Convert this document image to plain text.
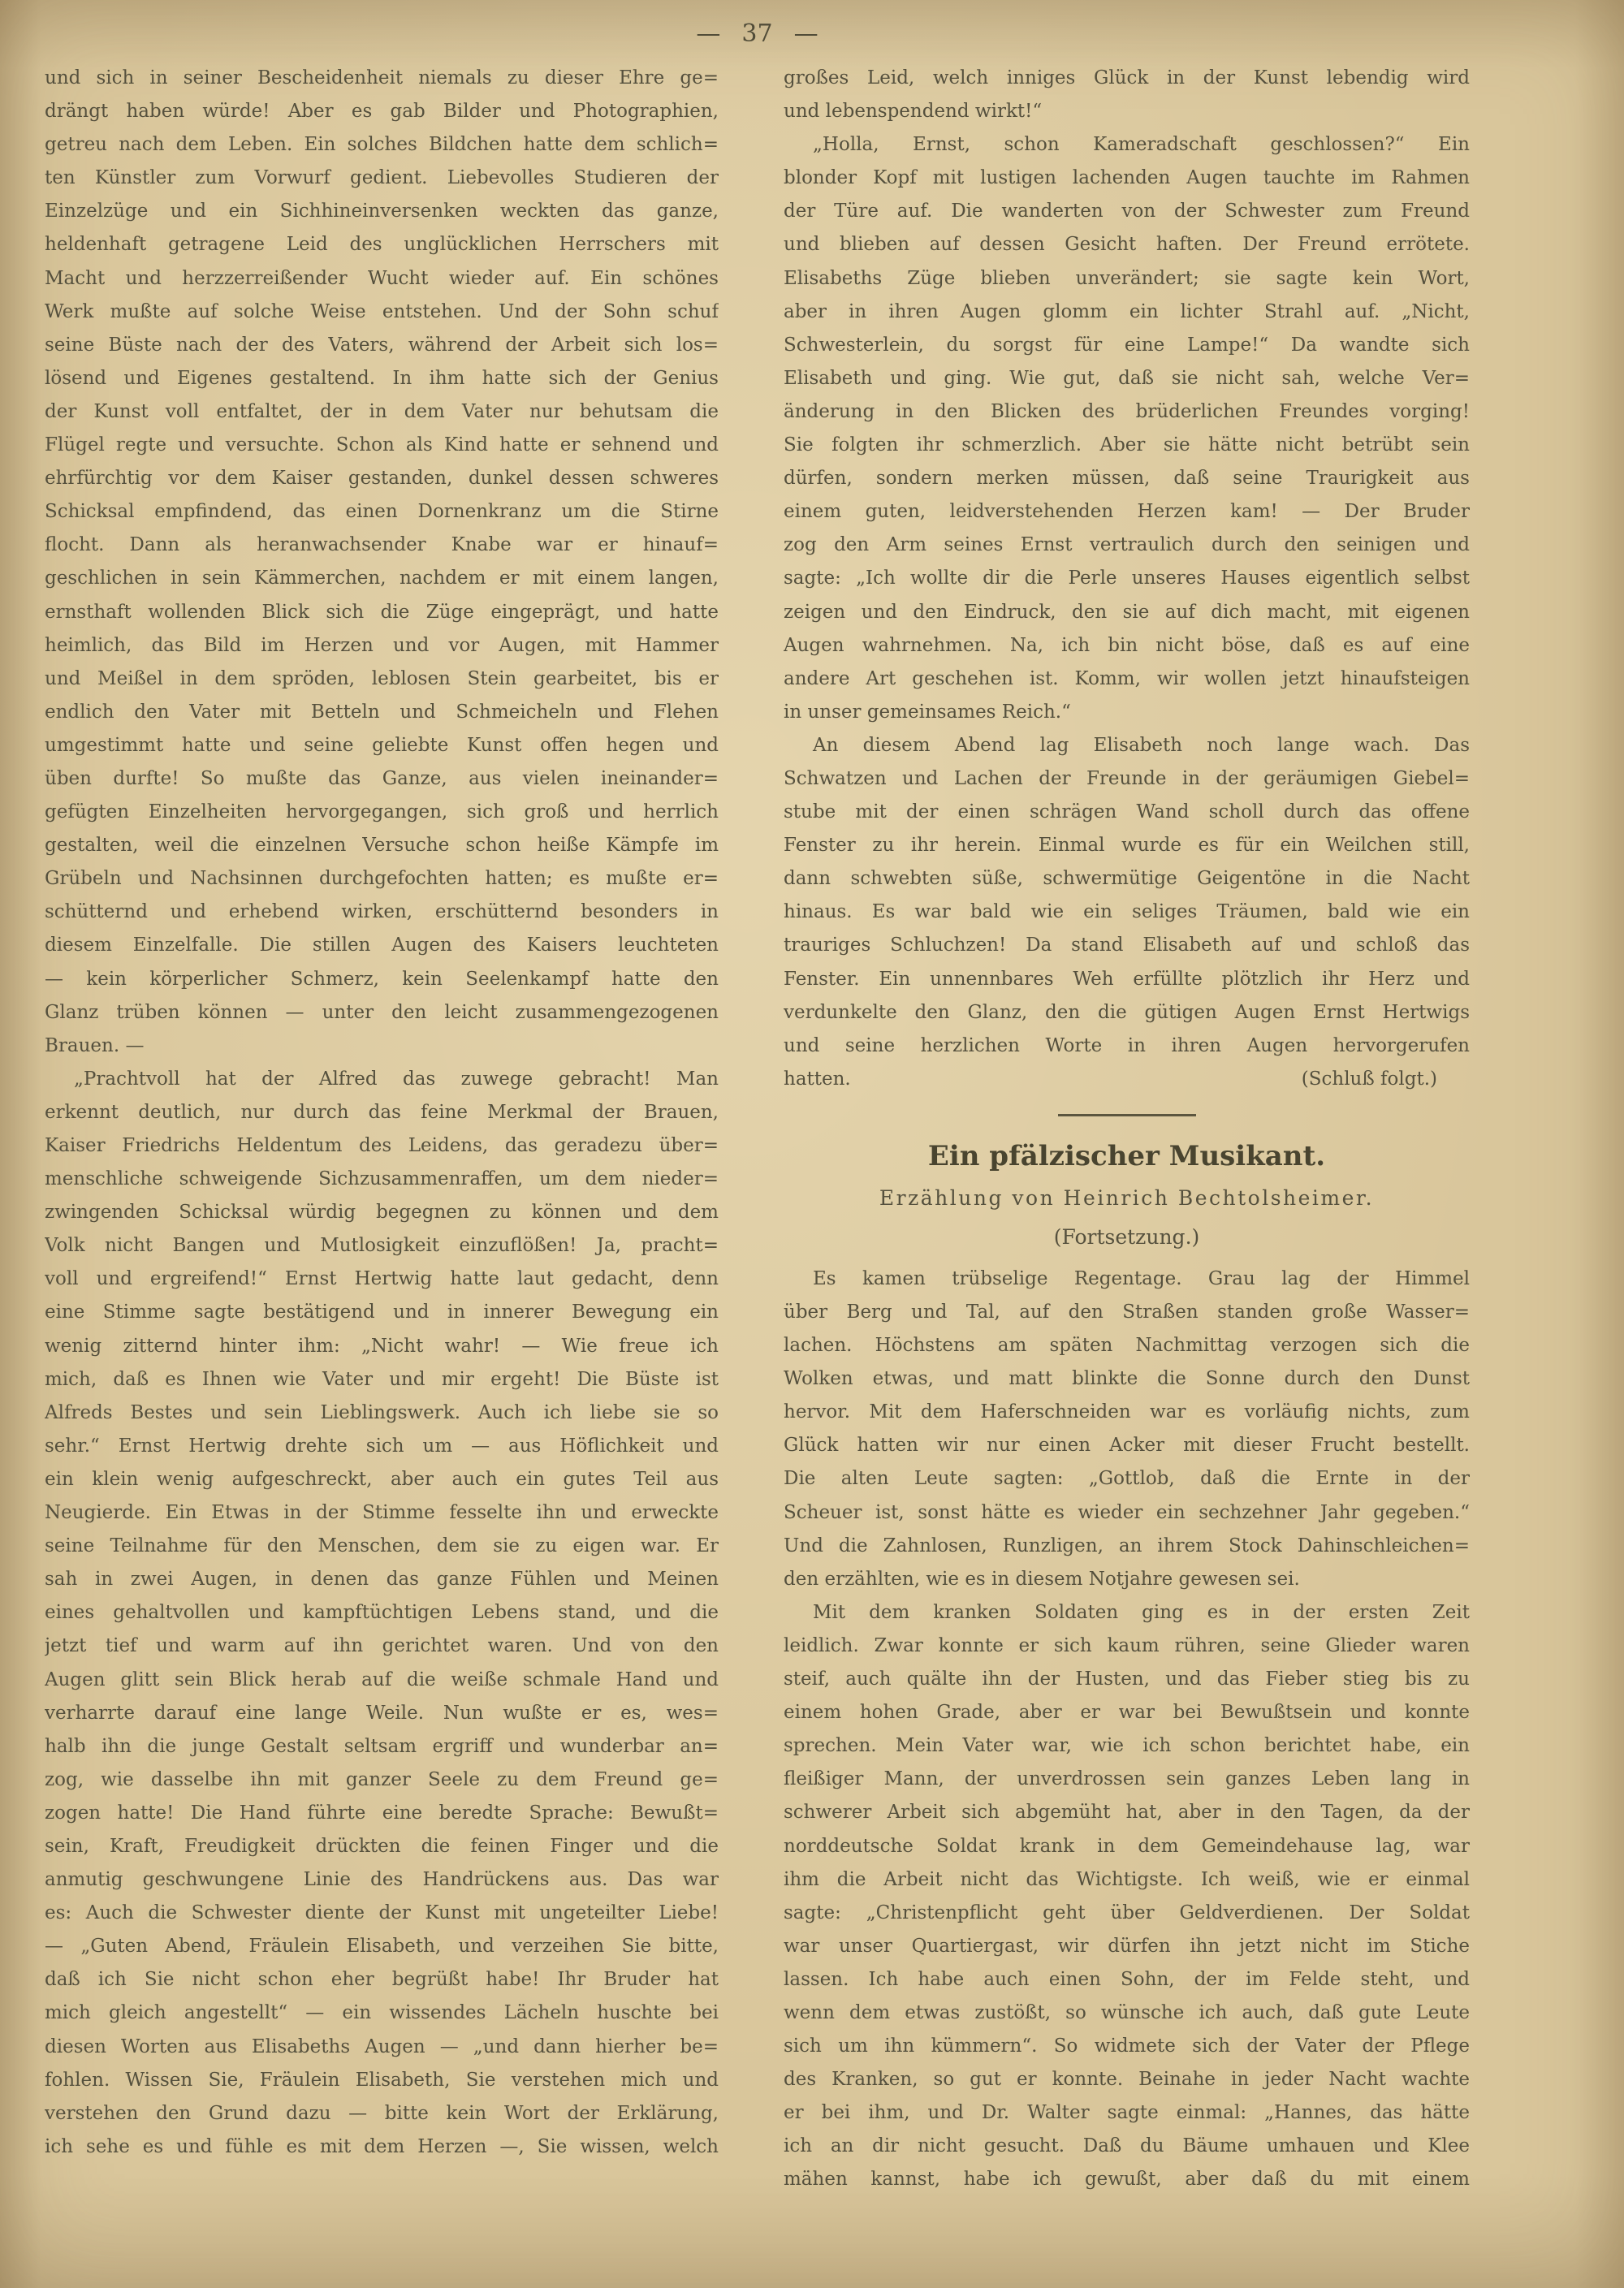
— 37 —
und sich in seiner Bescheidenheit niemals zu dieser Ehre ge=
drängt haben würde! Aber es gab Bilder und Photographien,
getreu nach dem Leben. Ein solches Bildchen hatte dem schlich=
ten Künstler zum Vorwurf gedient. Liebevolles Studieren der
Einzelzüge und ein Sichhineinversenken weckten das ganze,
heldenhaft getragene Leid des unglücklichen Herrschers mit
Macht und herzzerreißender Wucht wieder auf. Ein schönes
Werk mußte auf solche Weise entstehen. Und der Sohn schuf
seine Büste nach der des Vaters, während der Arbeit sich los=
lösend und Eigenes gestaltend. In ihm hatte sich der Genius
der Kunst voll entfaltet, der in dem Vater nur behutsam die
Flügel regte und versuchte. Schon als Kind hatte er sehnend und
ehrfürchtig vor dem Kaiser gestanden, dunkel dessen schweres
Schicksal empfindend, das einen Dornenkranz um die Stirne
flocht. Dann als heranwachsender Knabe war er hinauf=
geschlichen in sein Kämmerchen, nachdem er mit einem langen,
ernsthaft wollenden Blick sich die Züge eingeprägt, und hatte
heimlich, das Bild im Herzen und vor Augen, mit Hammer
und Meißel in dem spröden, leblosen Stein gearbeitet, bis er
endlich den Vater mit Betteln und Schmeicheln und Flehen
umgestimmt hatte und seine geliebte Kunst offen hegen und
üben durfte! So mußte das Ganze, aus vielen ineinander=
gefügten Einzelheiten hervorgegangen, sich groß und herrlich
gestalten, weil die einzelnen Versuche schon heiße Kämpfe im
Grübeln und Nachsinnen durchgefochten hatten; es mußte er=
schütternd und erhebend wirken, erschütternd besonders in
diesem Einzelfalle. Die stillen Augen des Kaisers leuchteten
— kein körperlicher Schmerz, kein Seelenkampf hatte den
Glanz trüben können — unter den leicht zusammengezogenen
Brauen. —
„Prachtvoll hat der Alfred das zuwege gebracht! Man
erkennt deutlich, nur durch das feine Merkmal der Brauen,
Kaiser Friedrichs Heldentum des Leidens, das geradezu über=
menschliche schweigende Sichzusammenraffen, um dem nieder=
zwingenden Schicksal würdig begegnen zu können und dem
Volk nicht Bangen und Mutlosigkeit einzuflößen! Ja, pracht=
voll und ergreifend!“ Ernst Hertwig hatte laut gedacht, denn
eine Stimme sagte bestätigend und in innerer Bewegung ein
wenig zitternd hinter ihm: „Nicht wahr! — Wie freue ich
mich, daß es Ihnen wie Vater und mir ergeht! Die Büste ist
Alfreds Bestes und sein Lieblingswerk. Auch ich liebe sie so
sehr.“ Ernst Hertwig drehte sich um — aus Höflichkeit und
ein klein wenig aufgeschreckt, aber auch ein gutes Teil aus
Neugierde. Ein Etwas in der Stimme fesselte ihn und erweckte
seine Teilnahme für den Menschen, dem sie zu eigen war. Er
sah in zwei Augen, in denen das ganze Fühlen und Meinen
eines gehaltvollen und kampftüchtigen Lebens stand, und die
jetzt tief und warm auf ihn gerichtet waren. Und von den
Augen glitt sein Blick herab auf die weiße schmale Hand und
verharrte darauf eine lange Weile. Nun wußte er es, wes=
halb ihn die junge Gestalt seltsam ergriff und wunderbar an=
zog, wie dasselbe ihn mit ganzer Seele zu dem Freund ge=
zogen hatte! Die Hand führte eine beredte Sprache: Bewußt=
sein, Kraft, Freudigkeit drückten die feinen Finger und die
anmutig geschwungene Linie des Handrückens aus. Das war
es: Auch die Schwester diente der Kunst mit ungeteilter Liebe!
— „Guten Abend, Fräulein Elisabeth, und verzeihen Sie bitte,
daß ich Sie nicht schon eher begrüßt habe! Ihr Bruder hat
mich gleich angestellt“ — ein wissendes Lächeln huschte bei
diesen Worten aus Elisabeths Augen — „und dann hierher be=
fohlen. Wissen Sie, Fräulein Elisabeth, Sie verstehen mich und
verstehen den Grund dazu — bitte kein Wort der Erklärung,
ich sehe es und fühle es mit dem Herzen —, Sie wissen, welch
großes Leid, welch inniges Glück in der Kunst lebendig wird
und lebenspendend wirkt!“
„Holla, Ernst, schon Kameradschaft geschlossen?“ Ein
blonder Kopf mit lustigen lachenden Augen tauchte im Rahmen
der Türe auf. Die wanderten von der Schwester zum Freund
und blieben auf dessen Gesicht haften. Der Freund errötete.
Elisabeths Züge blieben unverändert; sie sagte kein Wort,
aber in ihren Augen glomm ein lichter Strahl auf. „Nicht,
Schwesterlein, du sorgst für eine Lampe!“ Da wandte sich
Elisabeth und ging. Wie gut, daß sie nicht sah, welche Ver=
änderung in den Blicken des brüderlichen Freundes vorging!
Sie folgten ihr schmerzlich. Aber sie hätte nicht betrübt sein
dürfen, sondern merken müssen, daß seine Traurigkeit aus
einem guten, leidverstehenden Herzen kam! — Der Bruder
zog den Arm seines Ernst vertraulich durch den seinigen und
sagte: „Ich wollte dir die Perle unseres Hauses eigentlich selbst
zeigen und den Eindruck, den sie auf dich macht, mit eigenen
Augen wahrnehmen. Na, ich bin nicht böse, daß es auf eine
andere Art geschehen ist. Komm, wir wollen jetzt hinaufsteigen
in unser gemeinsames Reich.“
An diesem Abend lag Elisabeth noch lange wach. Das
Schwatzen und Lachen der Freunde in der geräumigen Giebel=
stube mit der einen schrägen Wand scholl durch das offene
Fenster zu ihr herein. Einmal wurde es für ein Weilchen still,
dann schwebten süße, schwermütige Geigentöne in die Nacht
hinaus. Es war bald wie ein seliges Träumen, bald wie ein
trauriges Schluchzen! Da stand Elisabeth auf und schloß das
Fenster. Ein unnennbares Weh erfüllte plötzlich ihr Herz und
verdunkelte den Glanz, den die gütigen Augen Ernst Hertwigs
und seine herzlichen Worte in ihren Augen hervorgerufen
hatten.	(Schluß folgt.)
Ein pfälzischer Musikant.
Erzählung von Heinrich Bechtolsheimer.
(Fortsetzung.)
Es kamen trübselige Regentage. Grau lag der Himmel
über Berg und Tal, auf den Straßen standen große Wasser=
lachen. Höchstens am späten Nachmittag verzogen sich die
Wolken etwas, und matt blinkte die Sonne durch den Dunst
hervor. Mit dem Haferschneiden war es vorläufig nichts, zum
Glück hatten wir nur einen Acker mit dieser Frucht bestellt.
Die alten Leute sagten: „Gottlob, daß die Ernte in der
Scheuer ist, sonst hätte es wieder ein sechzehner Jahr gegeben.“
Und die Zahnlosen, Runzligen, an ihrem Stock Dahinschleichen=
den erzählten, wie es in diesem Notjahre gewesen sei.
Mit dem kranken Soldaten ging es in der ersten Zeit
leidlich. Zwar konnte er sich kaum rühren, seine Glieder waren
steif, auch quälte ihn der Husten, und das Fieber stieg bis zu
einem hohen Grade, aber er war bei Bewußtsein und konnte
sprechen. Mein Vater war, wie ich schon berichtet habe, ein
fleißiger Mann, der unverdrossen sein ganzes Leben lang in
schwerer Arbeit sich abgemüht hat, aber in den Tagen, da der
norddeutsche Soldat krank in dem Gemeindehause lag, war
ihm die Arbeit nicht das Wichtigste. Ich weiß, wie er einmal
sagte: „Christenpflicht geht über Geldverdienen. Der Soldat
war unser Quartiergast, wir dürfen ihn jetzt nicht im Stiche
lassen. Ich habe auch einen Sohn, der im Felde steht, und
wenn dem etwas zustößt, so wünsche ich auch, daß gute Leute
sich um ihn kümmern“. So widmete sich der Vater der Pflege
des Kranken, so gut er konnte. Beinahe in jeder Nacht wachte
er bei ihm, und Dr. Walter sagte einmal: „Hannes, das hätte
ich an dir nicht gesucht. Daß du Bäume umhauen und Klee
mähen kannst, habe ich gewußt, aber daß du mit einem
